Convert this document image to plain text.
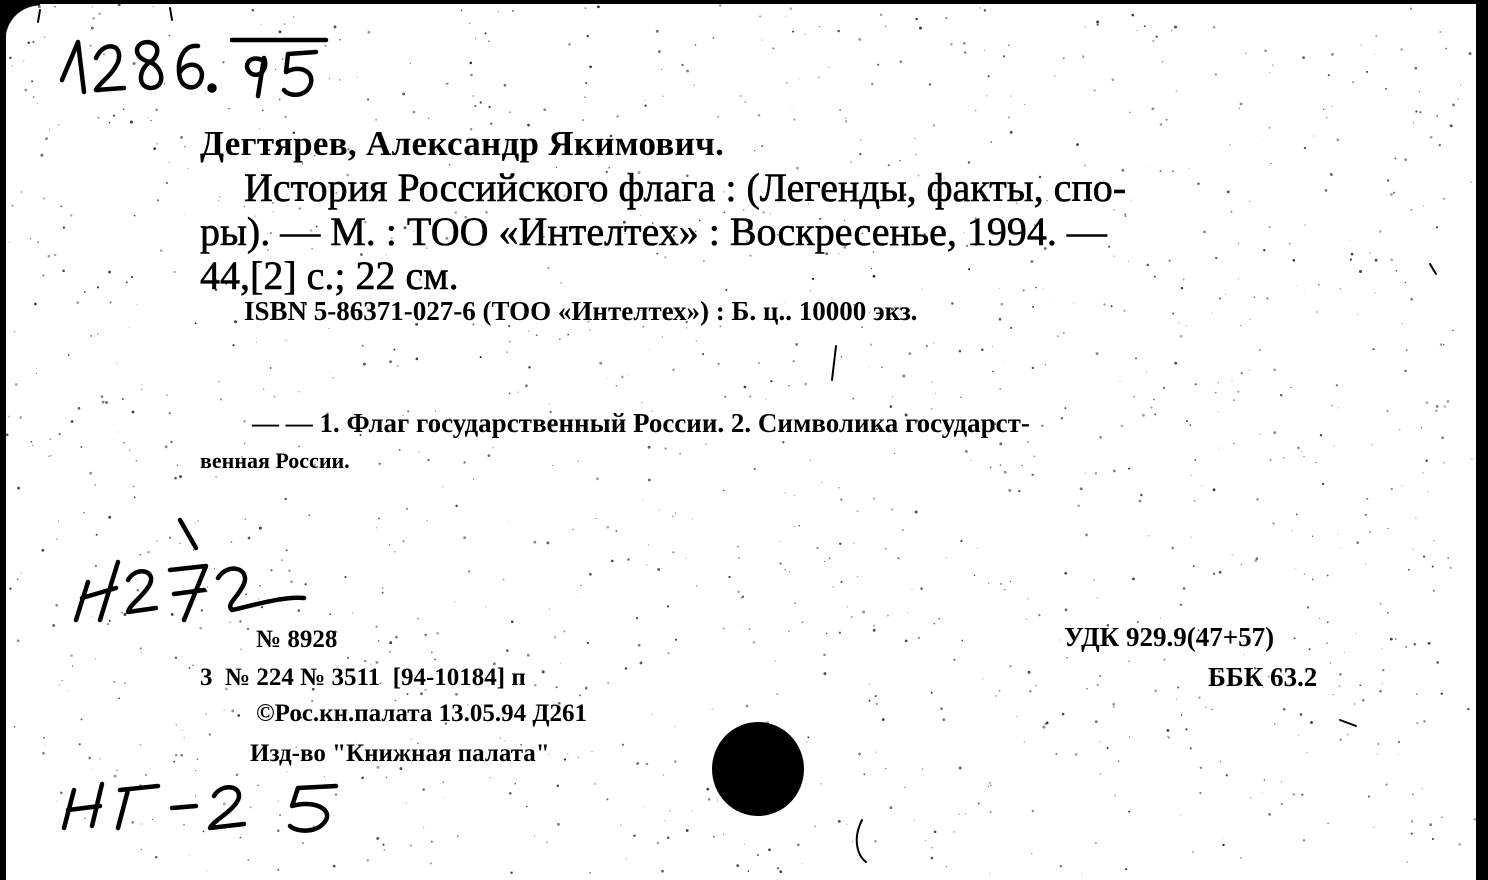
Дегтярев, Александр Якимович.
История Российского флага : (Легенды, факты, спо-
ры). — М. : ТОО «Интелтех» : Воскресенье, 1994. —
44,[2] с.; 22 см.
ISBN 5-86371-027-6 (ТОО «Интелтех») : Б. ц.. 10000 экз.
— — 1. Флаг государственный России. 2. Символика государст-
венная России.
№ 8928
3  № 224 № 3511  [94-10184] п
©Рос.кн.палата 13.05.94 Д261
Изд-во "Книжная палата"
УДК 929.9(47+57)
ББК 63.2
